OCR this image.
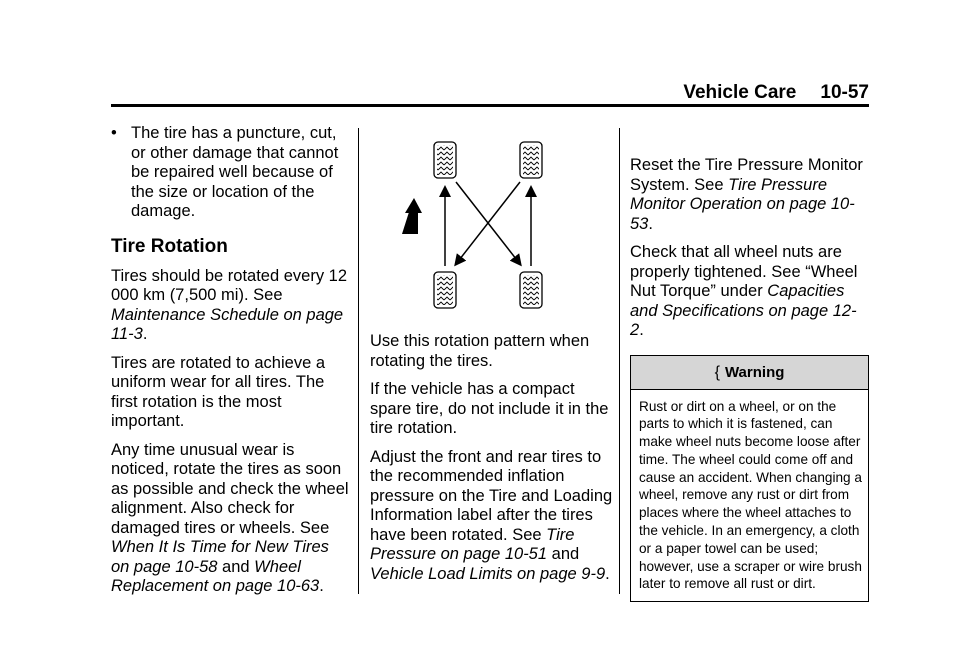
Vehicle Care 10-57
• The tire has a puncture, cut, or other damage that cannot be repaired well because of the size or location of the damage.
Tire Rotation

Tires should be rotated every 12 000 km (7,500 mi). See Maintenance Schedule on page 11-3.

Tires are rotated to achieve a uniform wear for all tires. The first rotation is the most important.

Any time unusual wear is noticed, rotate the tires as soon as possible and check the wheel alignment. Also check for damaged tires or wheels. See When It Is Time for New Tires on page 10-58 and Wheel Replacement on page 10-63.

Use this rotation pattern when rotating the tires.

If the vehicle has a compact spare tire, do not include it in the tire rotation.

Adjust the front and rear tires to the recommended inflation pressure on the Tire and Loading Information label after the tires have been rotated. See Tire Pressure on page 10-51 and Vehicle Load Limits on page 9-9.

Reset the Tire Pressure Monitor System. See Tire Pressure Monitor Operation on page 10-53.

Check that all wheel nuts are properly tightened. See “Wheel Nut Torque” under Capacities and Specifications on page 12-2.

{ Warning
Rust or dirt on a wheel, or on the parts to which it is fastened, can make wheel nuts become loose after time. The wheel could come off and cause an accident. When changing a wheel, remove any rust or dirt from places where the wheel attaches to the vehicle. In an emergency, a cloth or a paper towel can be used; however, use a scraper or wire brush later to remove all rust or dirt.
